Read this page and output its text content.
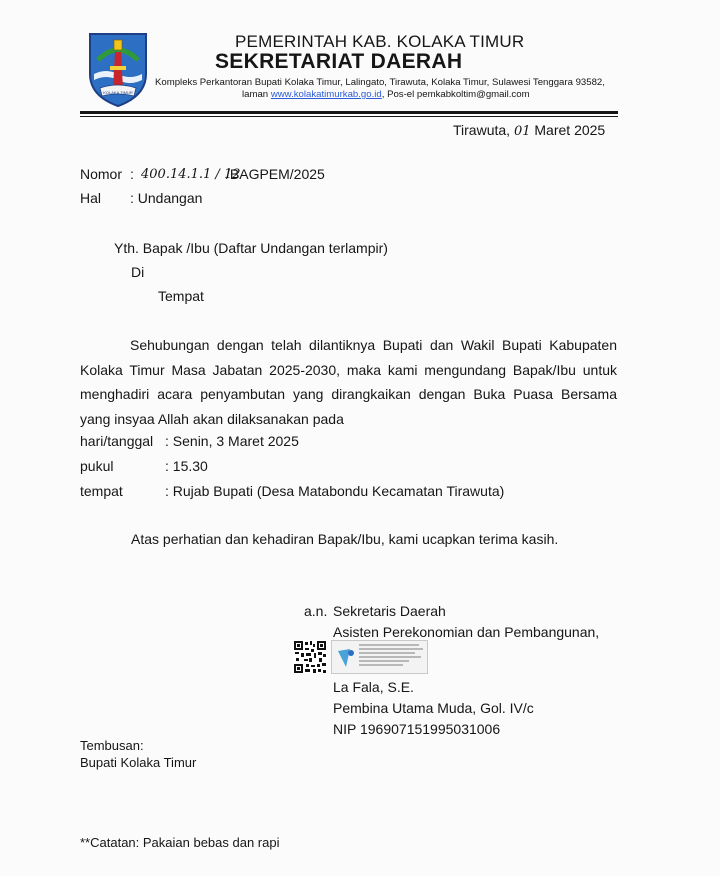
KOLAKA TIMUR
PEMERINTAH KAB. KOLAKA TIMUR
SEKRETARIAT DAERAH
Kompleks Perkantoran Bupati Kolaka Timur, Lalingato, Tirawuta, Kolaka Timur, Sulawesi Tenggara 93582,
laman www.kolakatimurkab.go.id, Pos-el pemkabkoltim@gmail.com
Tirawuta, 01 Maret 2025
Nomor : 400.14.1.1 / 12
/BAGPEM/2025
Hal : Undangan
Yth. Bapak /Ibu (Daftar Undangan terlampir)
Di
Tempat
Sehubungan dengan telah dilantiknya Bupati dan Wakil Bupati Kabupaten
Kolaka Timur Masa Jabatan 2025-2030, maka kami mengundang Bapak/Ibu untuk
menghadiri acara penyambutan yang dirangkaikan dengan Buka Puasa Bersama
yang insyaa Allah akan dilaksanakan pada
hari/tanggal : Senin, 3 Maret 2025
pukul	: 15.30
tempat	: Rujab Bupati (Desa Matabondu Kecamatan Tirawuta)
Atas perhatian dan kehadiran Bapak/Ibu, kami ucapkan terima kasih.
a.n. Sekretaris Daerah
Asisten Perekonomian dan Pembangunan,
La Fala, S.E.
Pembina Utama Muda, Gol. IV/c
NIP 196907151995031006
Tembusan:
Bupati Kolaka Timur
**Catatan: Pakaian bebas dan rapi
